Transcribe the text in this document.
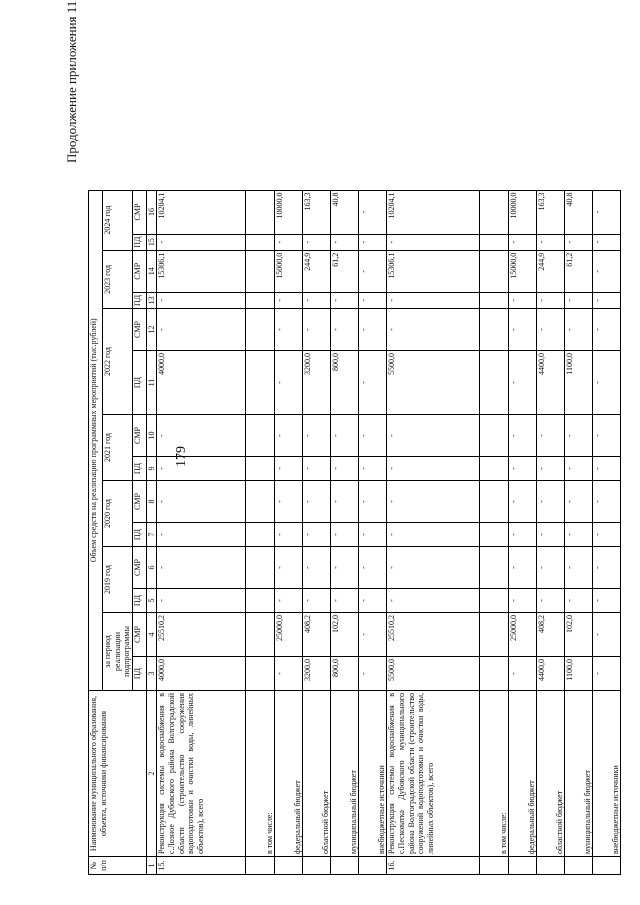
179
Продолжение приложения 11
№ п/п	Наименование муниципального образования, объекта, источники финансирования	Объем средств на реализацию программных мероприятий (тыс.рублей)													
		за период реализации подпрограммы		2019 год		2020 год		2021 год		2022 год		2023 год		2024 год	
		ПД	СМР	ПД	СМР	ПД	СМР	ПД	СМР	ПД	СМР	ПД	СМР	ПД	СМР
1	2	3	4	5	6	7	8	9	10	11	12	13	14	15	16
15.	Реконструкция системы водоснабжения в с.Лозное Дубовского района Волгоградской области (строительство сооружения водоподготовки и очистки воды, линейных объектов), всего	4000,0	25510,2	-	-	-	-	-	-	4000,0	-	-	15306,1	-	10204,1
	в том числе:														
	федеральный бюджет	-	25000,0	-	-	-	-	-	-	-	-	-	15000,0	-	10000,0
	областной бюджет	3200,0	408,2	-	-	-	-	-	-	3200,0	-	-	244,9	-	163,3
	муниципальный бюджет	800,0	102,0	-	-	-	-	-	-	800,0	-	-	61,2	-	40,8
	внебюджетные источники	-	-	-	-	-	-	-	-	-	-	-	-	-	-
16.	Реконструкция системы водоснабжения в с.Песковатка Дубовского муниципального района Волгоградской области (строительство сооружений водоподготовки и очистки воды, линейных объектов), всего	5500,0	25510,2	-	-	-	-	-	-	5500,0	-	-	15306,1	-	10204,1
	в том числе:														
	федеральный бюджет	-	25000,0	-	-	-	-	-	-	-	-	-	15000,0	-	10000,0
	областной бюджет	4400,0	408,2	-	-	-	-	-	-	4400,0	-	-	244,9	-	163,3
	муниципальный бюджет	1100,0	102,0	-	-	-	-	-	-	1100,0	-	-	61,2	-	40,8
	внебюджетные источники	-	-	-	-	-	-	-	-	-	-	-	-	-	-
